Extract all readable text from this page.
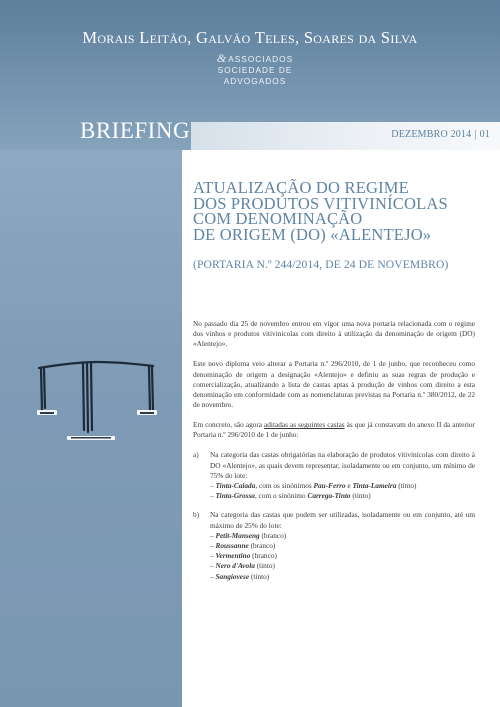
Morais Leitão, Galvão Teles, Soares da Silva
&ASSOCIADOS
SOCIEDADE DE
ADVOGADOS
BRIEFING	DEZEMBRO 2014 | 01
ATUALIZAÇÃO DO REGIME
DOS PRODUTOS VITIVINÍCOLAS
COM DENOMINAÇÃO
DE ORIGEM (DO) «ALENTEJO»
(PORTARIA N.º 244/2014, DE 24 DE NOVEMBRO)

No passado dia 25 de novembro entrou em vigor uma nova portaria relacionada com o regime dos vinhos e produtos vitivinícolas com direito à utilização da denominação de origem (DO) «Alentejo».

Este novo diploma veio alterar a Portaria n.º 296/2010, de 1 de junho, que reconheceu como denominação de origem a designação «Alentejo» e definiu as suas regras de produção e comercialização, atualizando a lista de castas aptas à produção de vinhos com direito a esta denominação em conformidade com as nomenclaturas previstas na Portaria n.º 380/2012, de 22 de novembro.

Em concreto, são agora aditadas as seguintes castas às que já constavam do anexo II da anterior Portaria n.º 296/2010 de 1 de junho:

a)	Na categoria das castas obrigatórias na elaboração de produtos vitivinícolas com direito à DO «Alentejo», as quais devem representar, isoladamente ou em conjunto, um mínimo de 75% do lote:
– Tinta-Caiada, com os sinónimos Pau-Ferro e Tinta-Lameira (tinto)
– Tinta-Grossa, com o sinónimo Carrega-Tinto (tinto)
b)	Na categoria das castas que podem ser utilizadas, isoladamente ou em conjunto, até um máximo de 25% do lote:
– Petit-Manseng (branco)
– Roussanne (branco)
– Vermentino (branco)
– Nero d'Avola (tinto)
– Sangiovese (tinto)
